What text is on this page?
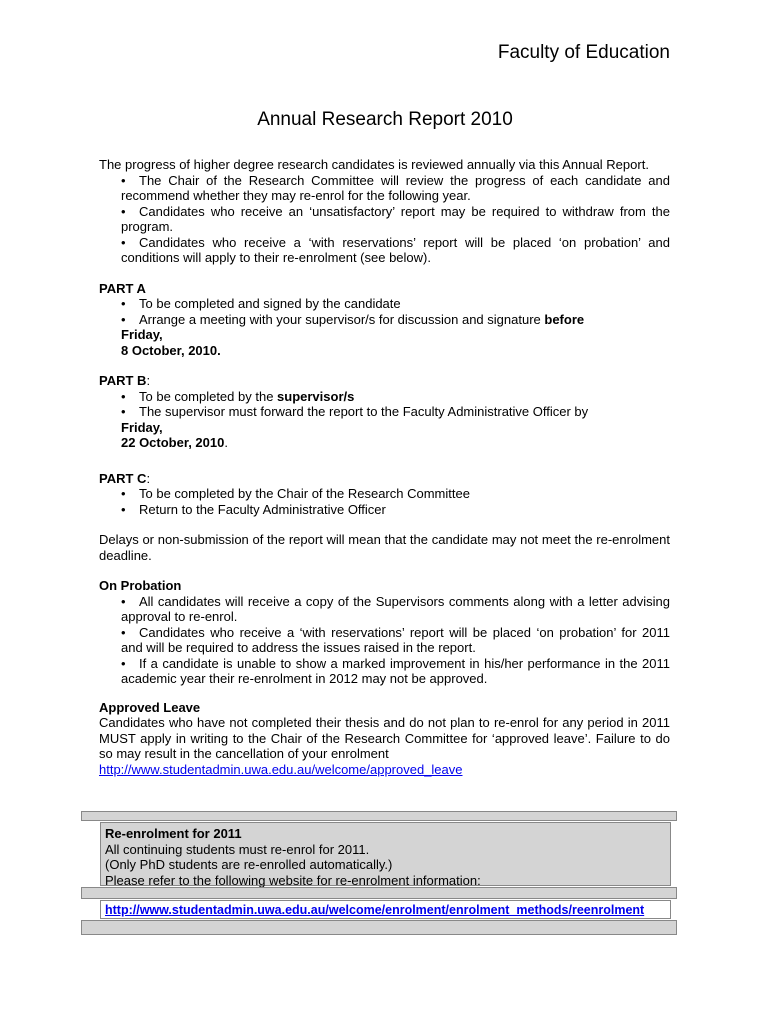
Faculty of Education
Annual Research Report 2010
The progress of higher degree research candidates is reviewed annually via this Annual Report.
• The Chair of the Research Committee will review the progress of each candidate and recommend whether they may re-enrol for the following year.
• Candidates who receive an ‘unsatisfactory’ report may be required to withdraw from the program.
• Candidates who receive a ‘with reservations’ report will be placed ‘on probation’ and conditions will apply to their re-enrolment (see below).
PART A
• To be completed and signed by the candidate
• Arrange a meeting with your supervisor/s for discussion and signature before
Friday,
8 October, 2010.
PART B:
• To be completed by the supervisor/s
• The supervisor must forward the report to the Faculty Administrative Officer by
Friday,
22 October, 2010.
PART C:
• To be completed by the Chair of the Research Committee
• Return to the Faculty Administrative Officer
Delays or non-submission of the report will mean that the candidate may not meet the re-enrolment deadline.
On Probation
• All candidates will receive a copy of the Supervisors comments along with a letter advising approval to re-enrol.
• Candidates who receive a ‘with reservations’ report will be placed ‘on probation’ for 2011 and will be required to address the issues raised in the report.
• If a candidate is unable to show a marked improvement in his/her performance in the 2011 academic year their re-enrolment in 2012 may not be approved.
Approved Leave
Candidates who have not completed their thesis and do not plan to re-enrol for any period in 2011 MUST apply in writing to the Chair of the Research Committee for ‘approved leave’. Failure to do so may result in the cancellation of your enrolment
http://www.studentadmin.uwa.edu.au/welcome/approved_leave
Re-enrolment for 2011
All continuing students must re-enrol for 2011.
(Only PhD students are re-enrolled automatically.)
Please refer to the following website for re-enrolment information:
http://www.studentadmin.uwa.edu.au/welcome/enrolment/enrolment_methods/reenrolment
